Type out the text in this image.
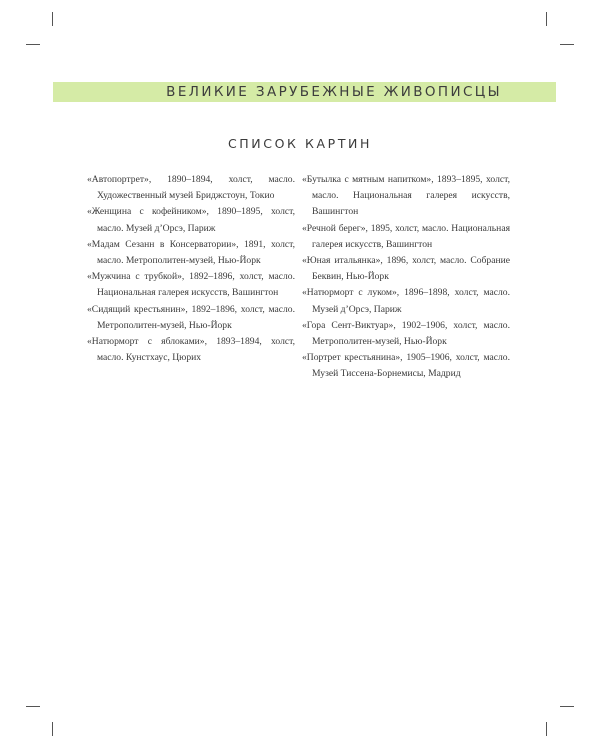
ВЕЛИКИЕ ЗАРУБЕЖНЫЕ ЖИВОПИСЦЫ
СПИСОК КАРТИН

«Автопортрет», 1890–1894, холст, масло. Художественный музей Бриджстоун, Токио

«Женщина с кофейником», 1890–1895, холст, масло. Музей д’Орсэ, Париж

«Мадам Сезанн в Консерватории», 1891, холст, масло. Метрополитен-музей, Нью-Йорк

«Мужчина с трубкой», 1892–1896, холст, масло. Национальная галерея искусств, Вашингтон

«Сидящий крестьянин», 1892–1896, холст, масло. Метрополитен-музей, Нью-Йорк

«Натюрморт с яблоками», 1893–1894, холст, масло. Кунстхаус, Цюрих

«Бутылка с мятным напитком», 1893–1895, холст, масло. Национальная галерея искусств, Вашингтон

«Речной берег», 1895, холст, масло. Национальная галерея искусств, Вашингтон

«Юная итальянка», 1896, холст, масло. Собрание Беквин, Нью-Йорк

«Натюрморт с луком», 1896–1898, холст, масло. Музей д’Орсэ, Париж

«Гора Сент-Виктуар», 1902–1906, холст, масло. Метрополитен-музей, Нью-Йорк

«Портрет крестьянина», 1905–1906, холст, масло. Музей Тиссена-Борнемисы, Мадрид
